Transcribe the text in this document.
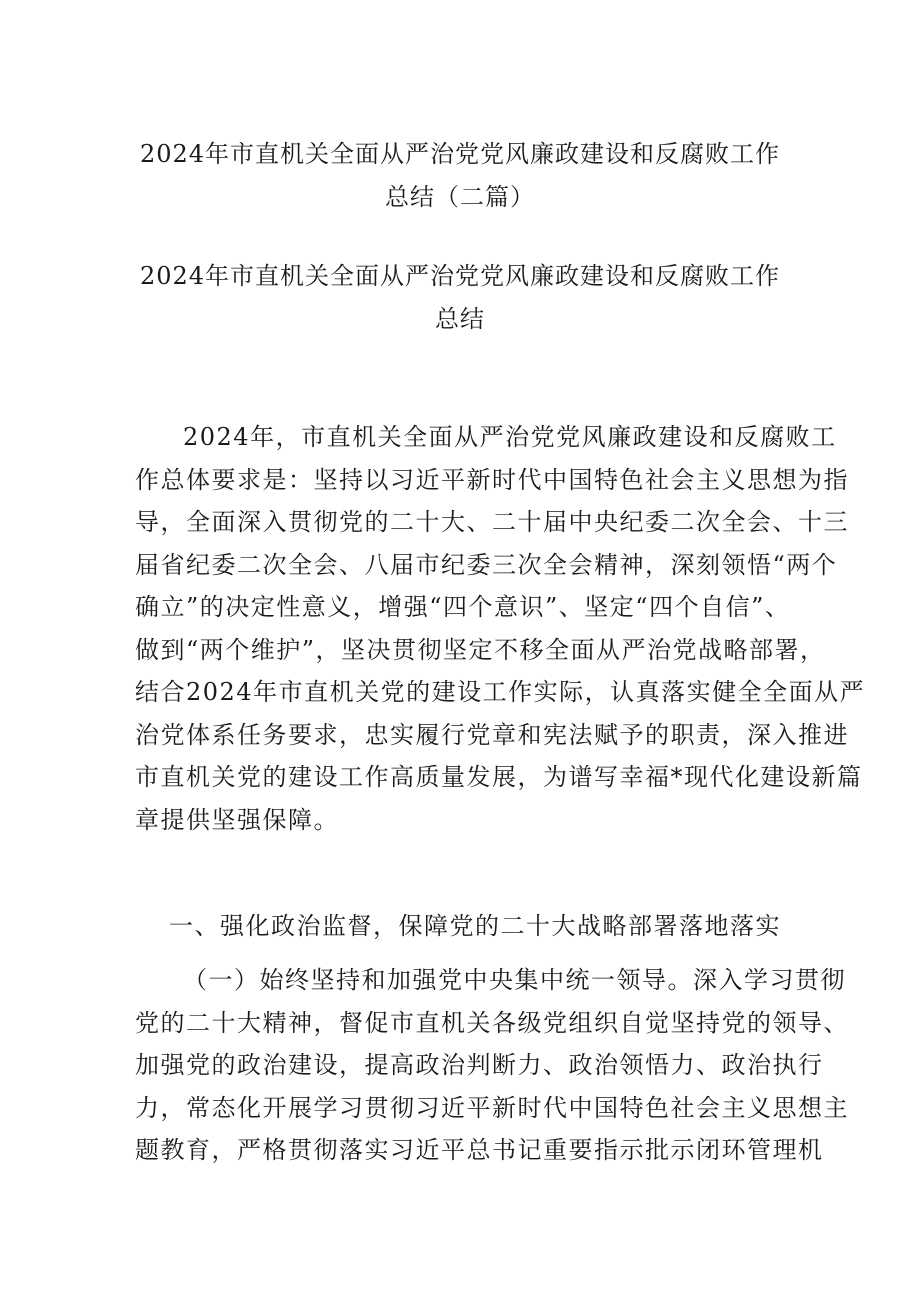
2024年市直机关全面从严治党党风廉政建设和反腐败工作
总结（二篇）
2024年市直机关全面从严治党党风廉政建设和反腐败工作
总结
2024年，市直机关全面从严治党党风廉政建设和反腐败工
作总体要求是：坚持以习近平新时代中国特色社会主义思想为指
导，全面深入贯彻党的二十大、二十届中央纪委二次全会、十三
届省纪委二次全会、八届市纪委三次全会精神，深刻领悟“两个
确立”的决定性意义，增强“四个意识”、坚定“四个自信”、
做到“两个维护”，坚决贯彻坚定不移全面从严治党战略部署，
结合2024年市直机关党的建设工作实际，认真落实健全全面从严
治党体系任务要求，忠实履行党章和宪法赋予的职责，深入推进
市直机关党的建设工作高质量发展，为谱写幸福*现代化建设新篇
章提供坚强保障。
一、强化政治监督，保障党的二十大战略部署落地落实
（一）始终坚持和加强党中央集中统一领导。深入学习贯彻
党的二十大精神，督促市直机关各级党组织自觉坚持党的领导、
加强党的政治建设，提高政治判断力、政治领悟力、政治执行
力，常态化开展学习贯彻习近平新时代中国特色社会主义思想主
题教育，严格贯彻落实习近平总书记重要指示批示闭环管理机
